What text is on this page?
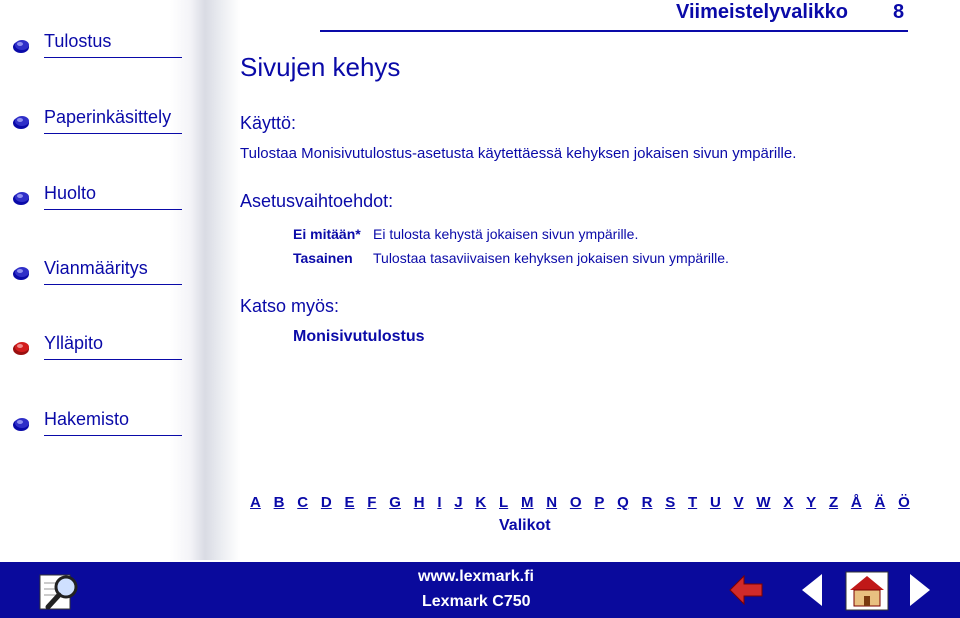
Tulostus
Paperinkäsittely
Huolto
Vianmääritys
Ylläpito
Hakemisto
Viimeistelyvalikko 8
Sivujen kehys
Käyttö:
Tulostaa Monisivutulostus-asetusta käytettäessä kehyksen jokaisen sivun ympärille.
Asetusvaihtoehdot:
Ei mitään* Ei tulosta kehystä jokaisen sivun ympärille.
Tasainen Tulostaa tasaviivaisen kehyksen jokaisen sivun ympärille.
Katso myös:
Monisivutulostus
A B C D E F G H I J K L M N O P Q R S T U V W X Y Z Å Ä Ö
Valikot
www.lexmark.fi
Lexmark C750
